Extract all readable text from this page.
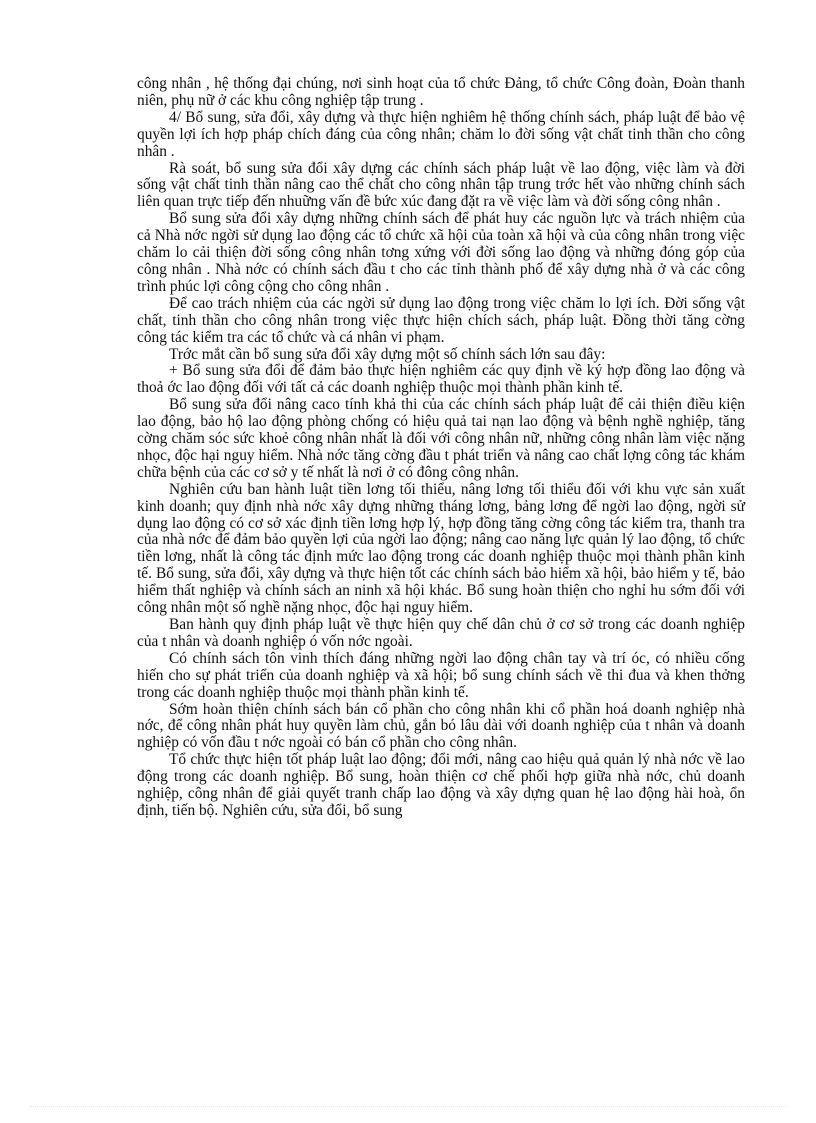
công nhân , hệ thống đại chúng, nơi sinh hoạt của tổ chức Đảng, tổ chức Công đoàn, Đoàn thanh niên, phụ nữ ở các khu công nghiệp tập trung .

4/ Bổ sung, sửa đổi, xây dựng và thực hiện nghiêm hệ thống chính sách, pháp luật để bảo vệ quyền lợi ích hợp pháp chích đáng của công nhân; chăm lo đời sống vật chất tinh thần cho công nhân .

Rà soát, bổ sung sửa đổi xây dựng các chính sách pháp luật về lao động, việc làm và đời sống vật chất tinh thần nâng cao thể chất cho công nhân tập trung trớc hết vào những chính sách liên quan trực tiếp đến nhuững vấn đề bức xúc đang đặt ra về việc làm và đời sống công nhân .

Bổ sung sửa đổi xây dựng những chính sách để phát huy các nguồn lực và trách nhiệm của cả Nhà nớc ngời sử dụng lao động các tổ chức xã hội của toàn xã hội và của công nhân trong việc chăm lo cải thiện đời sống công nhân tơng xứng với đời sống lao động và những đóng góp của công nhân . Nhà nớc có chính sách đầu t cho các tỉnh thành phố để xây dựng nhà ở và các công trình phúc lợi công cộng cho công nhân .

Để cao trách nhiệm của các ngời sử dụng lao động trong việc chăm lo lợi ích. Đời sống vật chất, tinh thần cho công nhân trong việc thực hiện chích sách, pháp luật. Đồng thời tăng cờng công tác kiểm tra các tổ chức và cá nhân vi phạm.

Trớc mắt cần bổ sung sửa đổi xây dựng một số chính sách lớn sau đây:

+ Bổ sung sửa đổi để đảm bảo thực hiện nghiêm các quy định về ký hợp đồng lao động và thoả ớc lao động đối với tất cả các doanh nghiệp thuộc mọi thành phần kinh tế.

Bổ sung sửa đổi nâng caco tính khả thi của các chính sách pháp luật để cải thiện điều kiện lao động, bảo hộ lao động phòng chống có hiệu quả tai nạn lao động và bệnh nghề nghiệp, tăng cờng chăm sóc sức khoẻ công nhân nhất là đối với công nhân nữ, những công nhân làm việc nặng nhọc, độc hại nguy hiểm. Nhà nớc tăng cờng đầu t phát triển và nâng cao chất lợng công tác khám chữa bệnh của các cơ sở y tế nhất là nơi ở có đông công nhân.

Nghiên cứu ban hành luật tiền lơng tối thiểu, nâng lơng tối thiểu đối với khu vực sản xuất kinh doanh; quy định nhà nớc xây dựng những tháng lơng, bảng lơng để ngời lao động, ngời sử dụng lao động có cơ sở xác định tiền lơng hợp lý, hợp đồng tăng cờng công tác kiểm tra, thanh tra của nhà nớc để đảm bảo quyền lợi của ngời lao động; nâng cao năng lực quản lý lao động, tổ chức tiền lơng, nhất là công tác định mức lao động trong các doanh nghiệp thuộc mọi thành phần kinh tế. Bổ sung, sửa đổi, xây dựng và thực hiện tốt các chính sách bảo hiểm xã hội, bảo hiểm y tế, bảo hiểm thất nghiệp và chính sách an ninh xã hội khác. Bổ sung hoàn thiện cho nghỉ hu sớm đối với công nhân một số nghề nặng nhọc, độc hại nguy hiểm.

Ban hành quy định pháp luật về thực hiện quy chế dân chủ ở cơ sở trong các doanh nghiệp của t nhân và doanh nghiệp ó vốn nớc ngoài.

Có chính sách tôn vinh thích đáng những ngời lao động chân tay và trí óc, có nhiều cống hiến cho sự phát triển của doanh nghiệp và xã hội; bổ sung chính sách về thi đua và khen thởng trong các doanh nghiệp thuộc mọi thành phần kinh tế.

Sớm hoàn thiện chính sách bán cổ phần cho công nhân khi cổ phần hoá doanh nghiệp nhà nớc, để công nhân phát huy quyền làm chủ, gắn bó lâu dài với doanh nghiệp của t nhân và doanh nghiệp có vốn đầu t nớc ngoài có bán cổ phần cho công nhân.

Tổ chức thực hiện tốt pháp luật lao động; đổi mới, nâng cao hiệu quả quản lý nhà nớc về lao động trong các doanh nghiệp. Bổ sung, hoàn thiện cơ chế phối hợp giữa nhà nớc, chủ doanh nghiệp, công nhân để giải quyết tranh chấp lao động và xây dựng quan hệ lao động hài hoà, ổn định, tiến bộ. Nghiên cứu, sửa đổi, bổ sung
